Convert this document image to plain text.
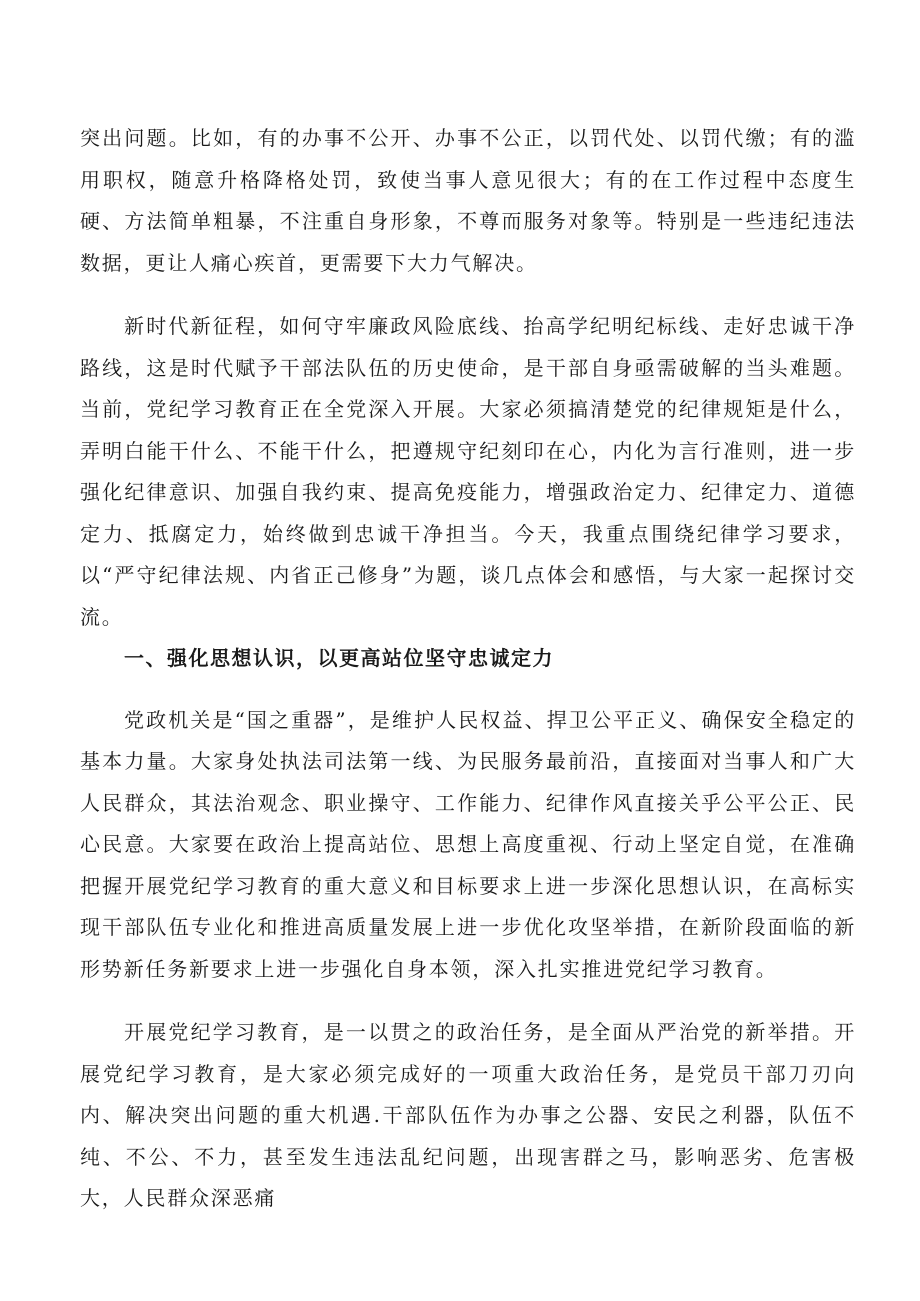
突出问题。比如，有的办事不公开、办事不公正，以罚代处、以罚代缴；有的滥用职权，随意升格降格处罚，致使当事人意见很大；有的在工作过程中态度生硬、方法简单粗暴，不注重自身形象，不尊而服务对象等。特别是一些违纪违法数据，更让人痛心疾首，更需要下大力气解决。

新时代新征程，如何守牢廉政风险底线、抬高学纪明纪标线、走好忠诚干净路线，这是时代赋予干部法队伍的历史使命，是干部自身亟需破解的当头难题。当前，党纪学习教育正在全党深入开展。大家必须搞清楚党的纪律规矩是什么，弄明白能干什么、不能干什么，把遵规守纪刻印在心，内化为言行准则，进一步强化纪律意识、加强自我约束、提高免疫能力，增强政治定力、纪律定力、道德定力、抵腐定力，始终做到忠诚干净担当。今天，我重点围绕纪律学习要求，以“严守纪律法规、内省正己修身”为题，谈几点体会和感悟，与大家一起探讨交流。

一、强化思想认识，以更高站位坚守忠诚定力

党政机关是“国之重器”，是维护人民权益、捍卫公平正义、确保安全稳定的基本力量。大家身处执法司法第一线、为民服务最前沿，直接面对当事人和广大人民群众，其法治观念、职业操守、工作能力、纪律作风直接关乎公平公正、民心民意。大家要在政治上提高站位、思想上高度重视、行动上坚定自觉，在准确把握开展党纪学习教育的重大意义和目标要求上进一步深化思想认识，在高标实现干部队伍专业化和推进高质量发展上进一步优化攻坚举措，在新阶段面临的新形势新任务新要求上进一步强化自身本领，深入扎实推进党纪学习教育。

开展党纪学习教育，是一以贯之的政治任务，是全面从严治党的新举措。开展党纪学习教育，是大家必须完成好的一项重大政治任务，是党员干部刀刃向内、解决突出问题的重大机遇.干部队伍作为办事之公器、安民之利器，队伍不纯、不公、不力，甚至发生违法乱纪问题，出现害群之马，影响恶劣、危害极大，人民群众深恶痛
